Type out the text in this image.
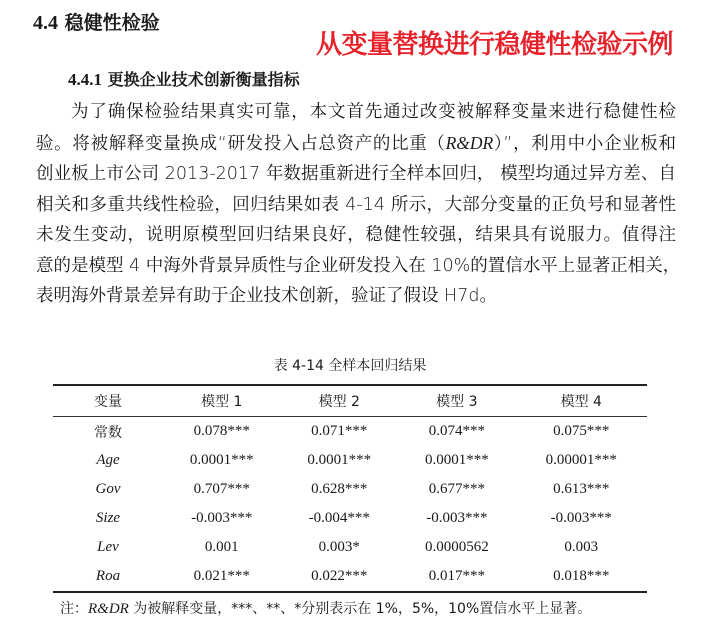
4.4 稳健性检验
从变量替换进行稳健性检验示例
4.4.1 更换企业技术创新衡量指标
为了确保检验结果真实可靠，本文首先通过改变被解释变量来进行稳健性检
验。将被解释变量换成“研发投入占总资产的比重（R&DR）”，利用中小企业板和
创业板上市公司 2013-2017 年数据重新进行全样本回归， 模型均通过异方差、自
相关和多重共线性检验，回归结果如表 4-14 所示，大部分变量的正负号和显著性
未发生变动，说明原模型回归结果良好，稳健性较强，结果具有说服力。值得注
意的是模型 4 中海外背景异质性与企业研发投入在 10%的置信水平上显著正相关，
表明海外背景差异有助于企业技术创新，验证了假设 H7d。
表 4-14 全样本回归结果
变量	模型 1	模型 2	模型 3	模型 4
常数	0.078***	0.071***	0.074***	0.075***
Age	0.0001***	0.0001***	0.0001***	0.00001***
Gov	0.707***	0.628***	0.677***	0.613***
Size	-0.003***	-0.004***	-0.003***	-0.003***
Lev	0.001	0.003*	0.0000562	0.003
Roa	0.021***	0.022***	0.017***	0.018***
注：R&DR 为被解释变量，***、**、*分别表示在 1%，5%，10%置信水平上显著。
